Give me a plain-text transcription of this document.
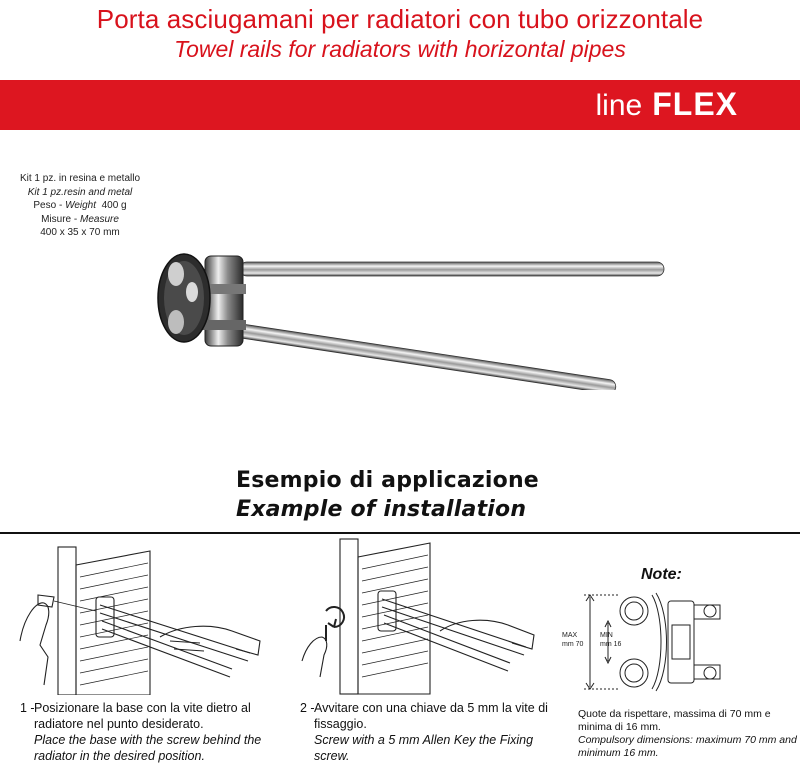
Porta asciugamani per radiatori con tubo orizzontale
Towel rails for radiators with horizontal pipes
line FLEX
Kit 1 pz. in resina e metallo
Kit 1 pz.resin and metal
Peso - Weight 400 g
Misure - Measure
400 x 35 x 70 mm
Esempio di applicazione
Example of installation
Note:
MAX
mm 70
MIN
mm 16
1 - Posizionare la base con la vite dietro al radiatore nel punto desiderato.
Place the base with the screw behind the radiator in the desired position.
2 - Avvitare con una chiave da 5 mm la vite di fissaggio.
Screw with a 5 mm Allen Key the Fixing screw.
Quote da rispettare, massima di 70 mm e minima di 16 mm.
Compulsory dimensions: maximum 70 mm and minimum 16 mm.
